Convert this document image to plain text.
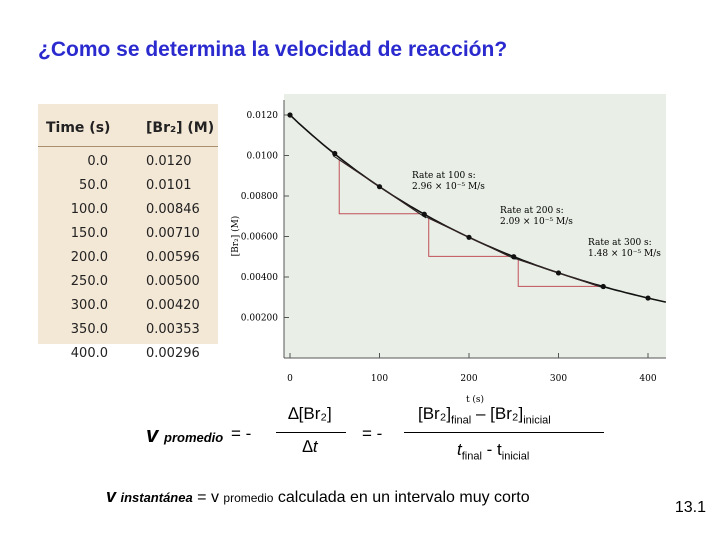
¿Como se determina la velocidad de reacción?
Time (s)	[Br₂] (M)
0.0	0.0120
50.0	0.0101
100.0	0.00846
150.0	0.00710
200.0	0.00596
250.0	0.00500
300.0	0.00420
350.0	0.00353
400.0	0.00296
0.00200
0.00400
0.00600
0.00800
0.0100
0.0120
0	100	200	300	400
Rate at 100 s:
2.96 × 10⁻⁵ M/s
Rate at 200 s:
2.09 × 10⁻⁵ M/s
Rate at 300 s:
1.48 × 10⁻⁵ M/s
[Br₂] (M)
t (s)
v promedio = -
∆[Br₂]
∆t
= -
$[Br_2]_{final} - [Br_2]_{inicial}$
$t_{final} - t_{inicial}$
v instantánea = v promedio calculada en un intervalo muy corto
13.1
